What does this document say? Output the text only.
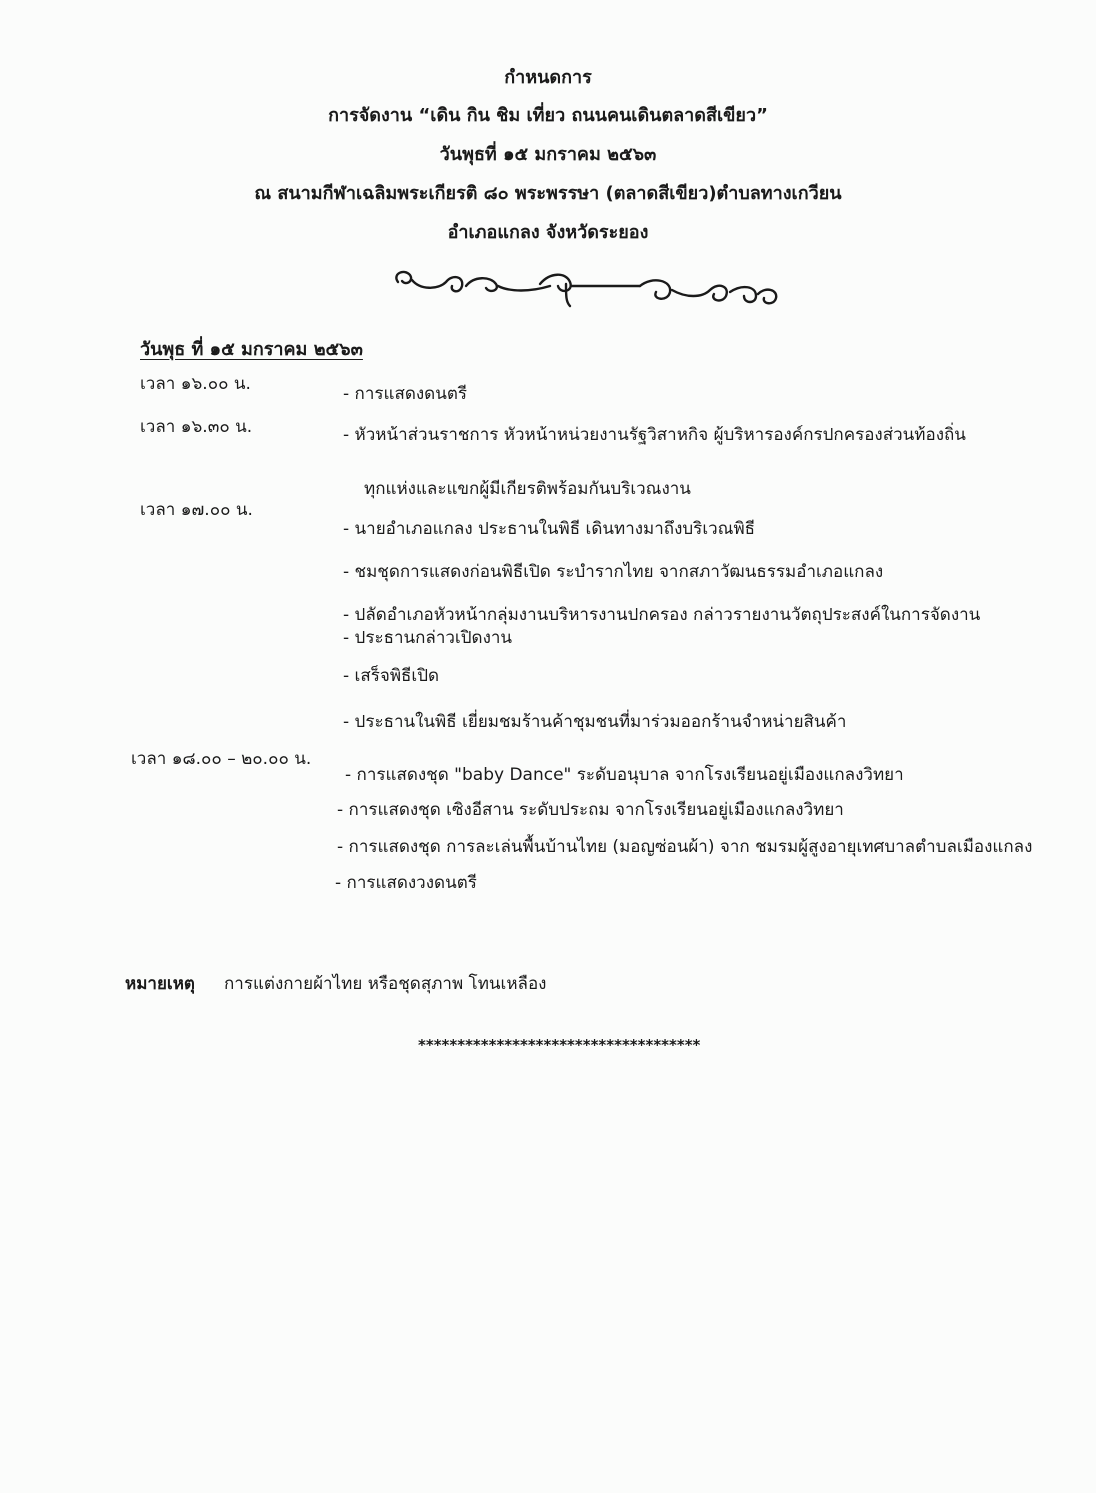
กำหนดการ
การจัดงาน “เดิน กิน ชิม เที่ยว ถนนคนเดินตลาดสีเขียว”
วันพุธที่ ๑๕ มกราคม ๒๕๖๓
ณ สนามกีฬาเฉลิมพระเกียรติ ๘๐ พระพรรษา (ตลาดสีเขียว)ตำบลทางเกวียน
อำเภอแกลง จังหวัดระยอง
วันพุธ ที่ ๑๕ มกราคม ๒๕๖๓
เวลา ๑๖.๐๐ น.	- การแสดงดนตรี
เวลา ๑๖.๓๐ น.	- หัวหน้าส่วนราชการ หัวหน้าหน่วยงานรัฐวิสาหกิจ ผู้บริหารองค์กรปกครองส่วนท้องถิ่น
ทุกแห่งและแขกผู้มีเกียรติพร้อมกันบริเวณงาน
เวลา ๑๗.๐๐ น.
- นายอำเภอแกลง ประธานในพิธี เดินทางมาถึงบริเวณพิธี
- ชมชุดการแสดงก่อนพิธีเปิด ระบำรากไทย จากสภาวัฒนธรรมอำเภอแกลง
- ปลัดอำเภอหัวหน้ากลุ่มงานบริหารงานปกครอง กล่าวรายงานวัตถุประสงค์ในการจัดงาน
- ประธานกล่าวเปิดงาน
- เสร็จพิธีเปิด
- ประธานในพิธี เยี่ยมชมร้านค้าชุมชนที่มาร่วมออกร้านจำหน่ายสินค้า
เวลา ๑๘.๐๐ – ๒๐.๐๐ น.
- การแสดงชุด "baby Dance" ระดับอนุบาล จากโรงเรียนอยู่เมืองแกลงวิทยา
- การแสดงชุด เซิงอีสาน ระดับประถม จากโรงเรียนอยู่เมืองแกลงวิทยา
- การแสดงชุด การละเล่นพื้นบ้านไทย (มอญซ่อนผ้า) จาก ชมรมผู้สูงอายุเทศบาลตำบลเมืองแกลง
- การแสดงวงดนตรี
หมายเหตุ การแต่งกายผ้าไทย หรือชุดสุภาพ โทนเหลือง
************************************
